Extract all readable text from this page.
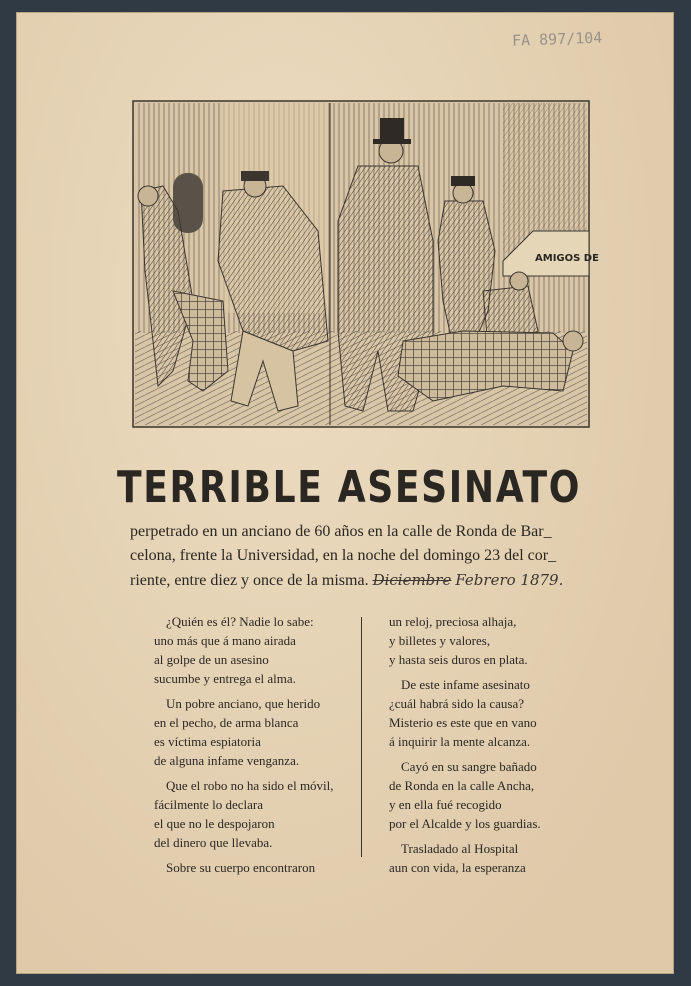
FA 897/104
AMIGOS DE
TERRIBLE ASESINATO
perpetrado en un anciano de 60 años en la calle de Ronda de Bar_
celona, frente la Universidad, en la noche del domingo 23 del cor_
riente, entre diez y once de la misma. Diciembre Febrero 1879.
¿Quién es él? Nadie lo sabe:
uno más que á mano airada
al golpe de un asesino
sucumbe y entrega el alma.
Un pobre anciano, que herido
en el pecho, de arma blanca
es víctima espiatoria
de alguna infame venganza.
Que el robo no ha sido el móvil,
fácilmente lo declara
el que no le despojaron
del dinero que llevaba.
Sobre su cuerpo encontraron
un reloj, preciosa alhaja,
y billetes y valores,
y hasta seis duros en plata.
De este infame asesinato
¿cuál habrá sido la causa?
Misterio es este que en vano
á inquirir la mente alcanza.
Cayó en su sangre bañado
de Ronda en la calle Ancha,
y en ella fué recogido
por el Alcalde y los guardias.
Trasladado al Hospital
aun con vida, la esperanza
